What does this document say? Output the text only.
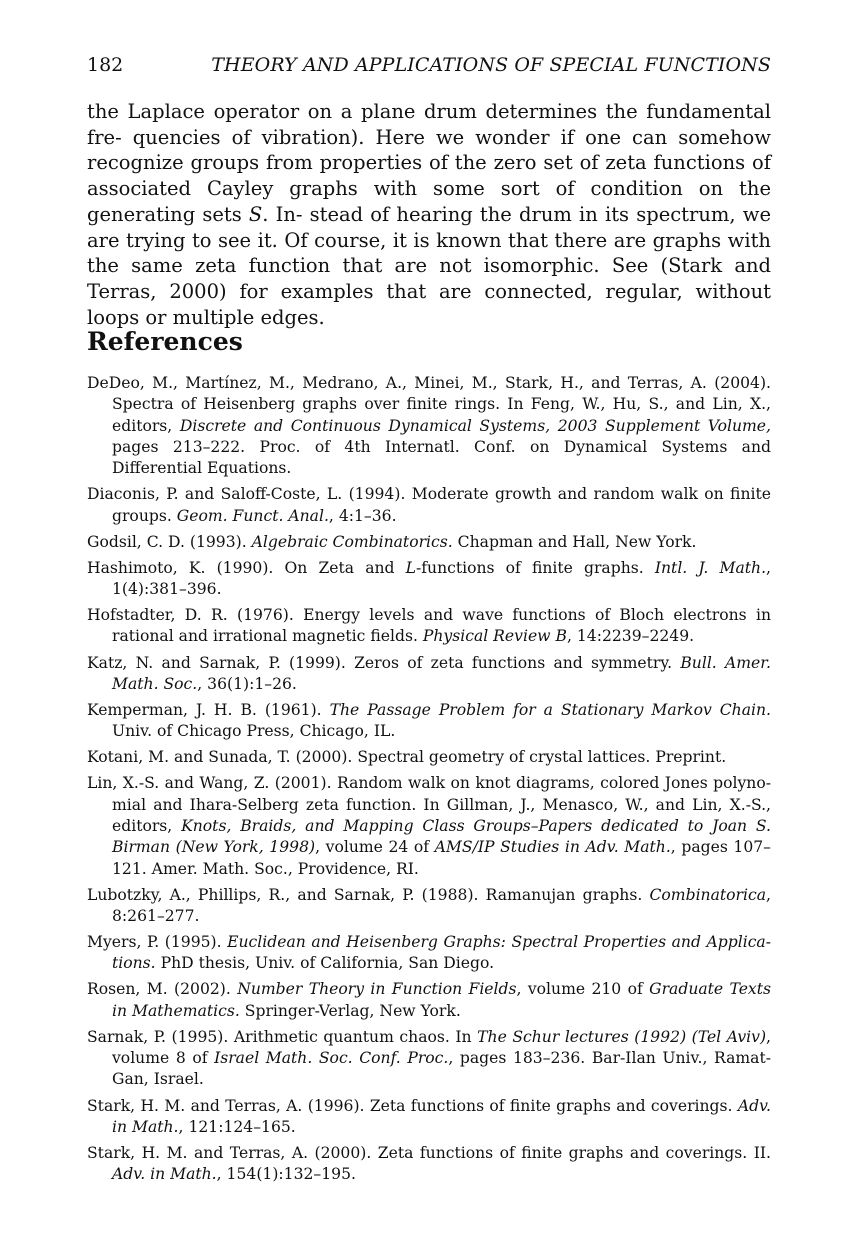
182	THEORY AND APPLICATIONS OF SPECIAL FUNCTIONS

the Laplace operator on a plane drum determines the fundamental fre- quencies of vibration). Here we wonder if one can somehow recognize groups from properties of the zero set of zeta functions of associated Cayley graphs with some sort of condition on the generating sets S. In- stead of hearing the drum in its spectrum, we are trying to see it. Of course, it is known that there are graphs with the same zeta function that are not isomorphic. See (Stark and Terras, 2000) for examples that are connected, regular, without loops or multiple edges.

References
DeDeo, M., Martínez, M., Medrano, A., Minei, M., Stark, H., and Terras, A. (2004). Spectra of Heisenberg graphs over finite rings. In Feng, W., Hu, S., and Lin, X., editors, Discrete and Continuous Dynamical Systems, 2003 Supplement Volume, pages 213–222. Proc. of 4th Internatl. Conf. on Dynamical Systems and Differential Equations.
Diaconis, P. and Saloff-Coste, L. (1994). Moderate growth and random walk on finite groups. Geom. Funct. Anal., 4:1–36.
Godsil, C. D. (1993). Algebraic Combinatorics. Chapman and Hall, New York.
Hashimoto, K. (1990). On Zeta and L-functions of finite graphs. Intl. J. Math., 1(4):381–396.
Hofstadter, D. R. (1976). Energy levels and wave functions of Bloch electrons in rational and irrational magnetic fields. Physical Review B, 14:2239–2249.
Katz, N. and Sarnak, P. (1999). Zeros of zeta functions and symmetry. Bull. Amer. Math. Soc., 36(1):1–26.
Kemperman, J. H. B. (1961). The Passage Problem for a Stationary Markov Chain. Univ. of Chicago Press, Chicago, IL.
Kotani, M. and Sunada, T. (2000). Spectral geometry of crystal lattices. Preprint.
Lin, X.-S. and Wang, Z. (2001). Random walk on knot diagrams, colored Jones polyno- mial and Ihara-Selberg zeta function. In Gillman, J., Menasco, W., and Lin, X.-S., editors, Knots, Braids, and Mapping Class Groups–Papers dedicated to Joan S. Birman (New York, 1998), volume 24 of AMS/IP Studies in Adv. Math., pages 107–121. Amer. Math. Soc., Providence, RI.
Lubotzky, A., Phillips, R., and Sarnak, P. (1988). Ramanujan graphs. Combinatorica, 8:261–277.
Myers, P. (1995). Euclidean and Heisenberg Graphs: Spectral Properties and Applica- tions. PhD thesis, Univ. of California, San Diego.
Rosen, M. (2002). Number Theory in Function Fields, volume 210 of Graduate Texts in Mathematics. Springer-Verlag, New York.
Sarnak, P. (1995). Arithmetic quantum chaos. In The Schur lectures (1992) (Tel Aviv), volume 8 of Israel Math. Soc. Conf. Proc., pages 183–236. Bar-Ilan Univ., Ramat-Gan, Israel.
Stark, H. M. and Terras, A. (1996). Zeta functions of finite graphs and coverings. Adv. in Math., 121:124–165.
Stark, H. M. and Terras, A. (2000). Zeta functions of finite graphs and coverings. II. Adv. in Math., 154(1):132–195.
